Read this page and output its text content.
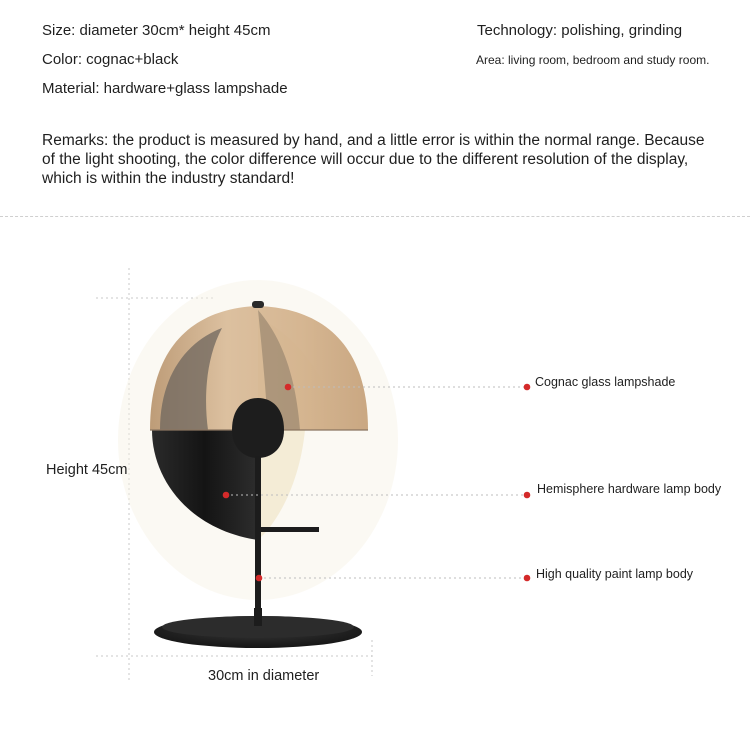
Size: diameter 30cm* height 45cm
Color: cognac+black
Material: hardware+glass lampshade
Technology: polishing, grinding
Area: living room, bedroom and study room.
Remarks: the product is measured by hand, and a little error is within the normal range. Because of the light shooting, the color difference will occur due to the different resolution of the display, which is within the industry standard!
Height 45cm
30cm in diameter
Cognac glass lampshade
Hemisphere hardware lamp body
High quality paint lamp body
